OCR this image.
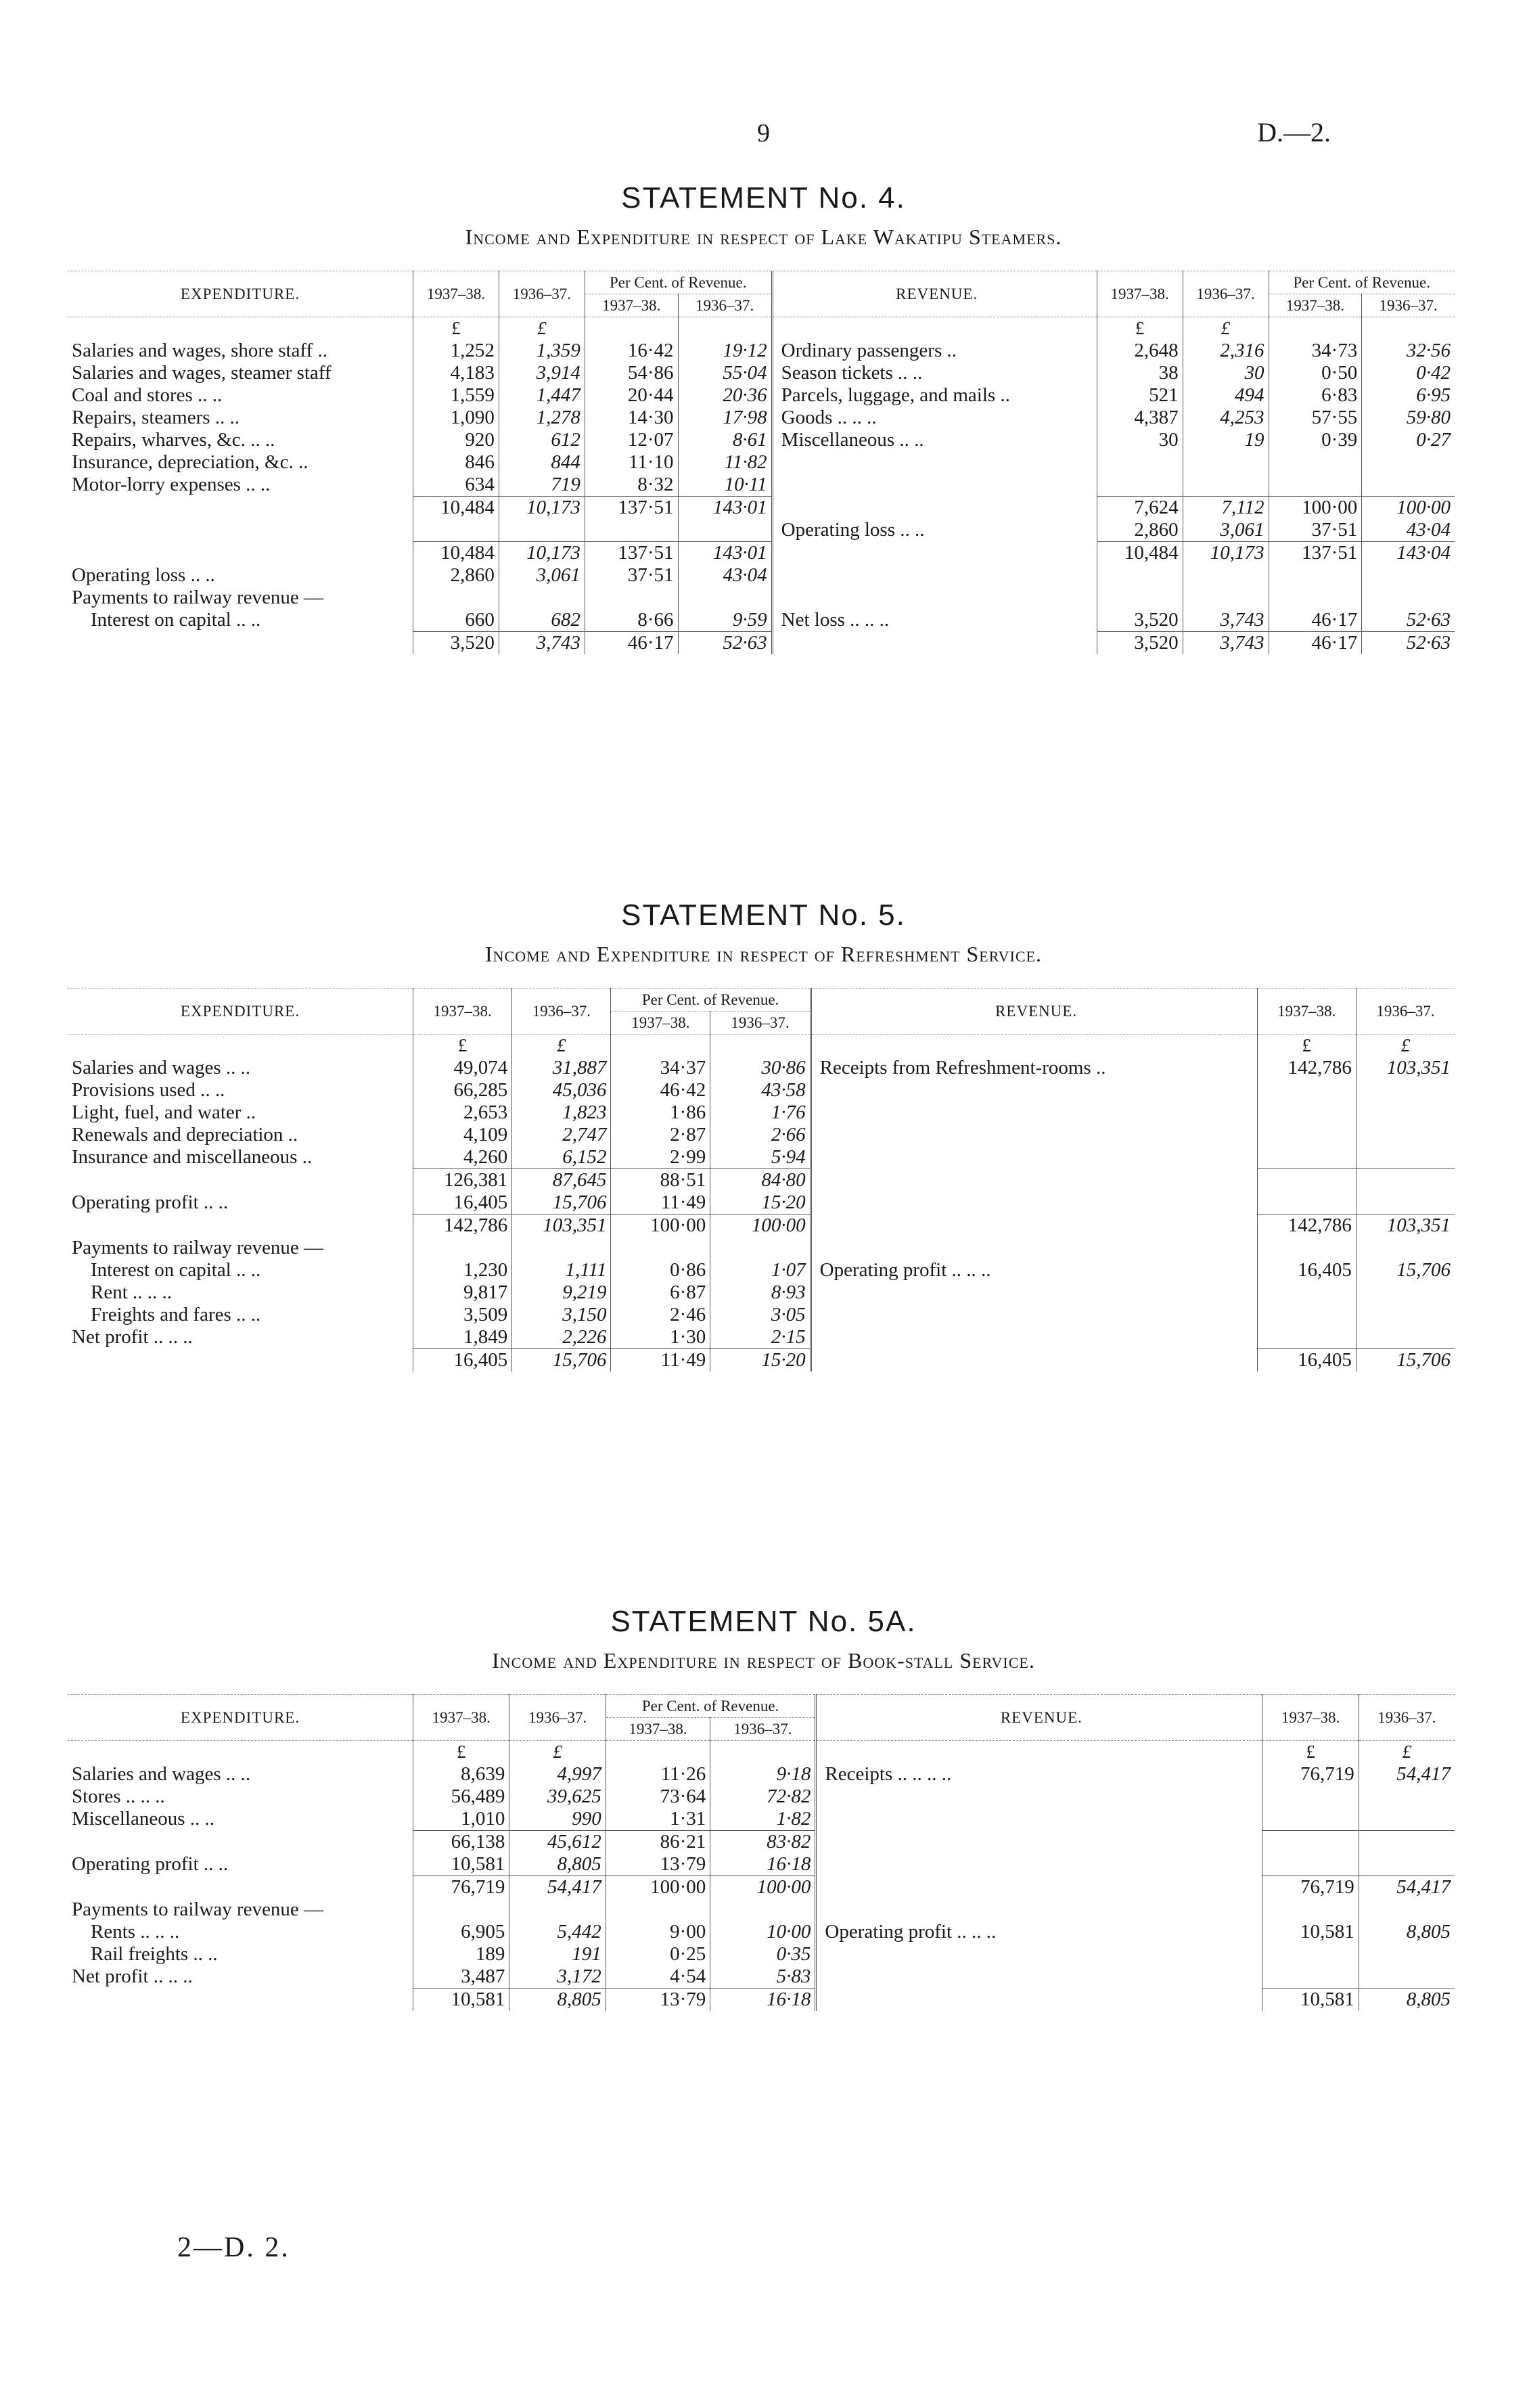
9	D.—2.
STATEMENT No. 4.
Income and Expenditure in respect of Lake Wakatipu Steamers.
EXPENDITURE.	1937–38.	1936–37.	Per Cent. of Revenue.		REVENUE.	1937–38.	1936–37.	Per Cent. of Revenue.	
			1937–38.	1936–37.				1937–38.	1936–37.
	£	£				£	£		
Salaries and wages, shore staff ..	1,252	1,359	16·42	19·12	Ordinary passengers ..	2,648	2,316	34·73	32·56
Salaries and wages, steamer staff	4,183	3,914	54·86	55·04	Season tickets .. ..	38	30	0·50	0·42
Coal and stores .. ..	1,559	1,447	20·44	20·36	Parcels, luggage, and mails ..	521	494	6·83	6·95
Repairs, steamers .. ..	1,090	1,278	14·30	17·98	Goods .. .. ..	4,387	4,253	57·55	59·80
Repairs, wharves, &c. .. ..	920	612	12·07	8·61	Miscellaneous .. ..	30	19	0·39	0·27
Insurance, depreciation, &c. ..	846	844	11·10	11·82					
Motor-lorry expenses .. ..	634	719	8·32	10·11					
	10,484	10,173	137·51	143·01		7,624	7,112	100·00	100·00
					Operating loss .. ..	2,860	3,061	37·51	43·04
	10,484	10,173	137·51	143·01		10,484	10,173	137·51	143·04
Operating loss .. ..	2,860	3,061	37·51	43·04					
Payments to railway revenue —									
Interest on capital .. ..	660	682	8·66	9·59	Net loss .. .. ..	3,520	3,743	46·17	52·63
	3,520	3,743	46·17	52·63		3,520	3,743	46·17	52·63
STATEMENT No. 5.
Income and Expenditure in respect of Refreshment Service.
EXPENDITURE.	1937–38.	1936–37.	Per Cent. of Revenue.		REVENUE.	1937–38.	1936–37.
			1937–38.	1936–37.			
	£	£				£	£
Salaries and wages .. ..	49,074	31,887	34·37	30·86	Receipts from Refreshment-rooms ..	142,786	103,351
Provisions used .. ..	66,285	45,036	46·42	43·58			
Light, fuel, and water ..	2,653	1,823	1·86	1·76			
Renewals and depreciation ..	4,109	2,747	2·87	2·66			
Insurance and miscellaneous ..	4,260	6,152	2·99	5·94			
	126,381	87,645	88·51	84·80			
Operating profit .. ..	16,405	15,706	11·49	15·20			
	142,786	103,351	100·00	100·00		142,786	103,351
Payments to railway revenue —							
Interest on capital .. ..	1,230	1,111	0·86	1·07	Operating profit .. .. ..	16,405	15,706
Rent .. .. ..	9,817	9,219	6·87	8·93			
Freights and fares .. ..	3,509	3,150	2·46	3·05			
Net profit .. .. ..	1,849	2,226	1·30	2·15			
	16,405	15,706	11·49	15·20		16,405	15,706
STATEMENT No. 5A.
Income and Expenditure in respect of Book-stall Service.
EXPENDITURE.	1937–38.	1936–37.	Per Cent. of Revenue.		REVENUE.	1937–38.	1936–37.
			1937–38.	1936–37.			
	£	£				£	£
Salaries and wages .. ..	8,639	4,997	11·26	9·18	Receipts .. .. .. ..	76,719	54,417
Stores .. .. ..	56,489	39,625	73·64	72·82			
Miscellaneous .. ..	1,010	990	1·31	1·82			
	66,138	45,612	86·21	83·82			
Operating profit .. ..	10,581	8,805	13·79	16·18			
	76,719	54,417	100·00	100·00		76,719	54,417
Payments to railway revenue —							
Rents .. .. ..	6,905	5,442	9·00	10·00	Operating profit .. .. ..	10,581	8,805
Rail freights .. ..	189	191	0·25	0·35			
Net profit .. .. ..	3,487	3,172	4·54	5·83			
	10,581	8,805	13·79	16·18		10,581	8,805
2—D. 2.
